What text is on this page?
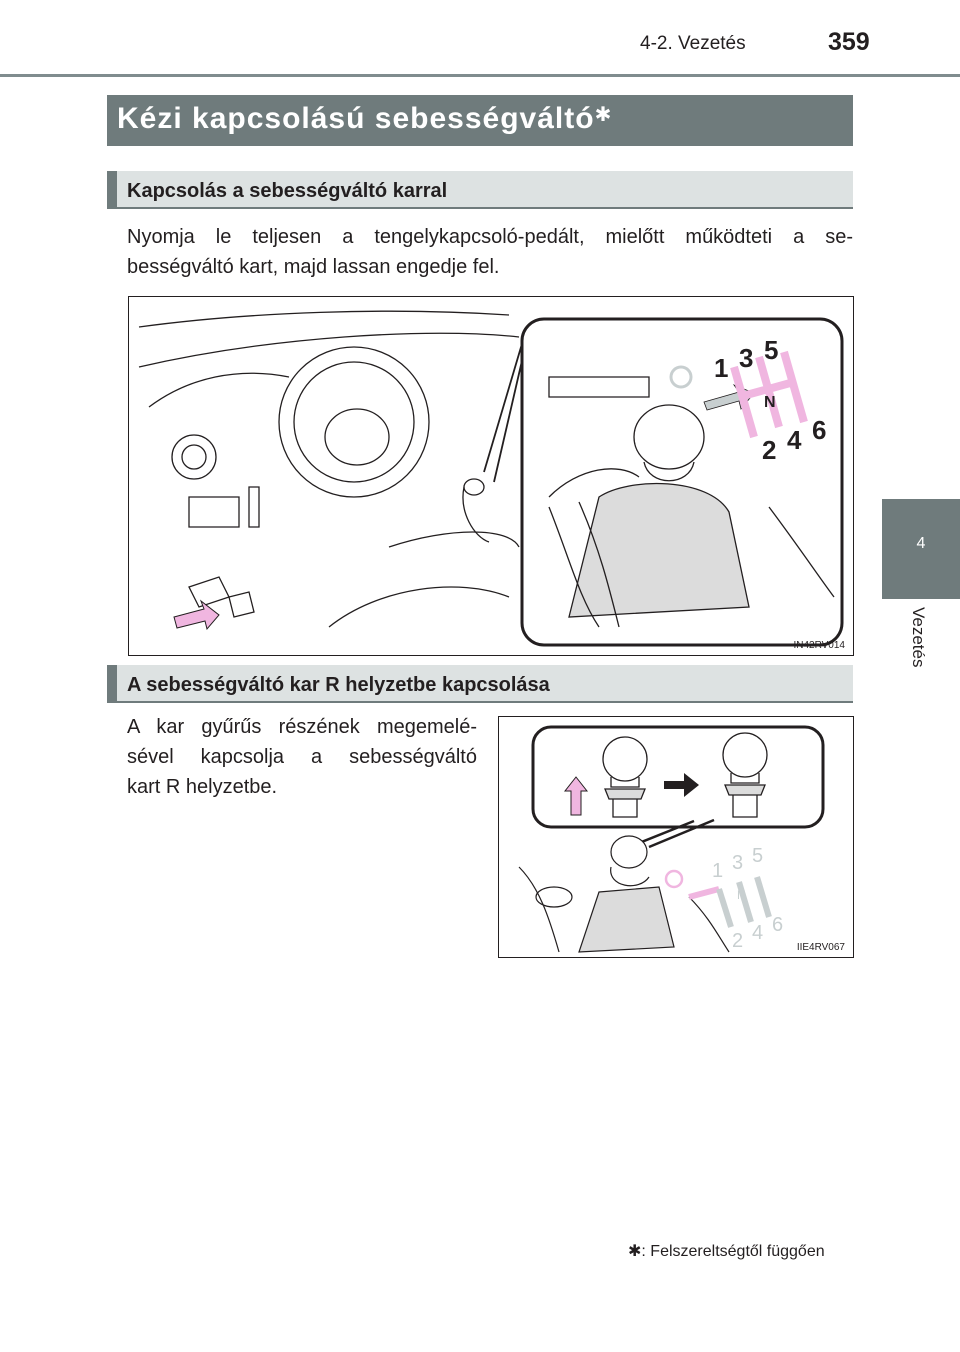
4-2. Vezetés	359
4
Vezetés
Kézi kapcsolású sebességváltó✱
Kapcsolás a sebességváltó karral
Nyomja le teljesen a tengelykapcsoló-pedált, mielőtt működteti a se-
bességváltó kart, majd lassan engedje fel.
1 3 5
N
2 4 6
IN42RV014
A sebességváltó kar R helyzetbe kapcsolása
A kar gyűrűs részének megemelé-
sével kapcsolja a sebességváltó
kart R helyzetbe.
1 3 5
N
2 4 6
IIE4RV067
✱: Felszereltségtől függően
